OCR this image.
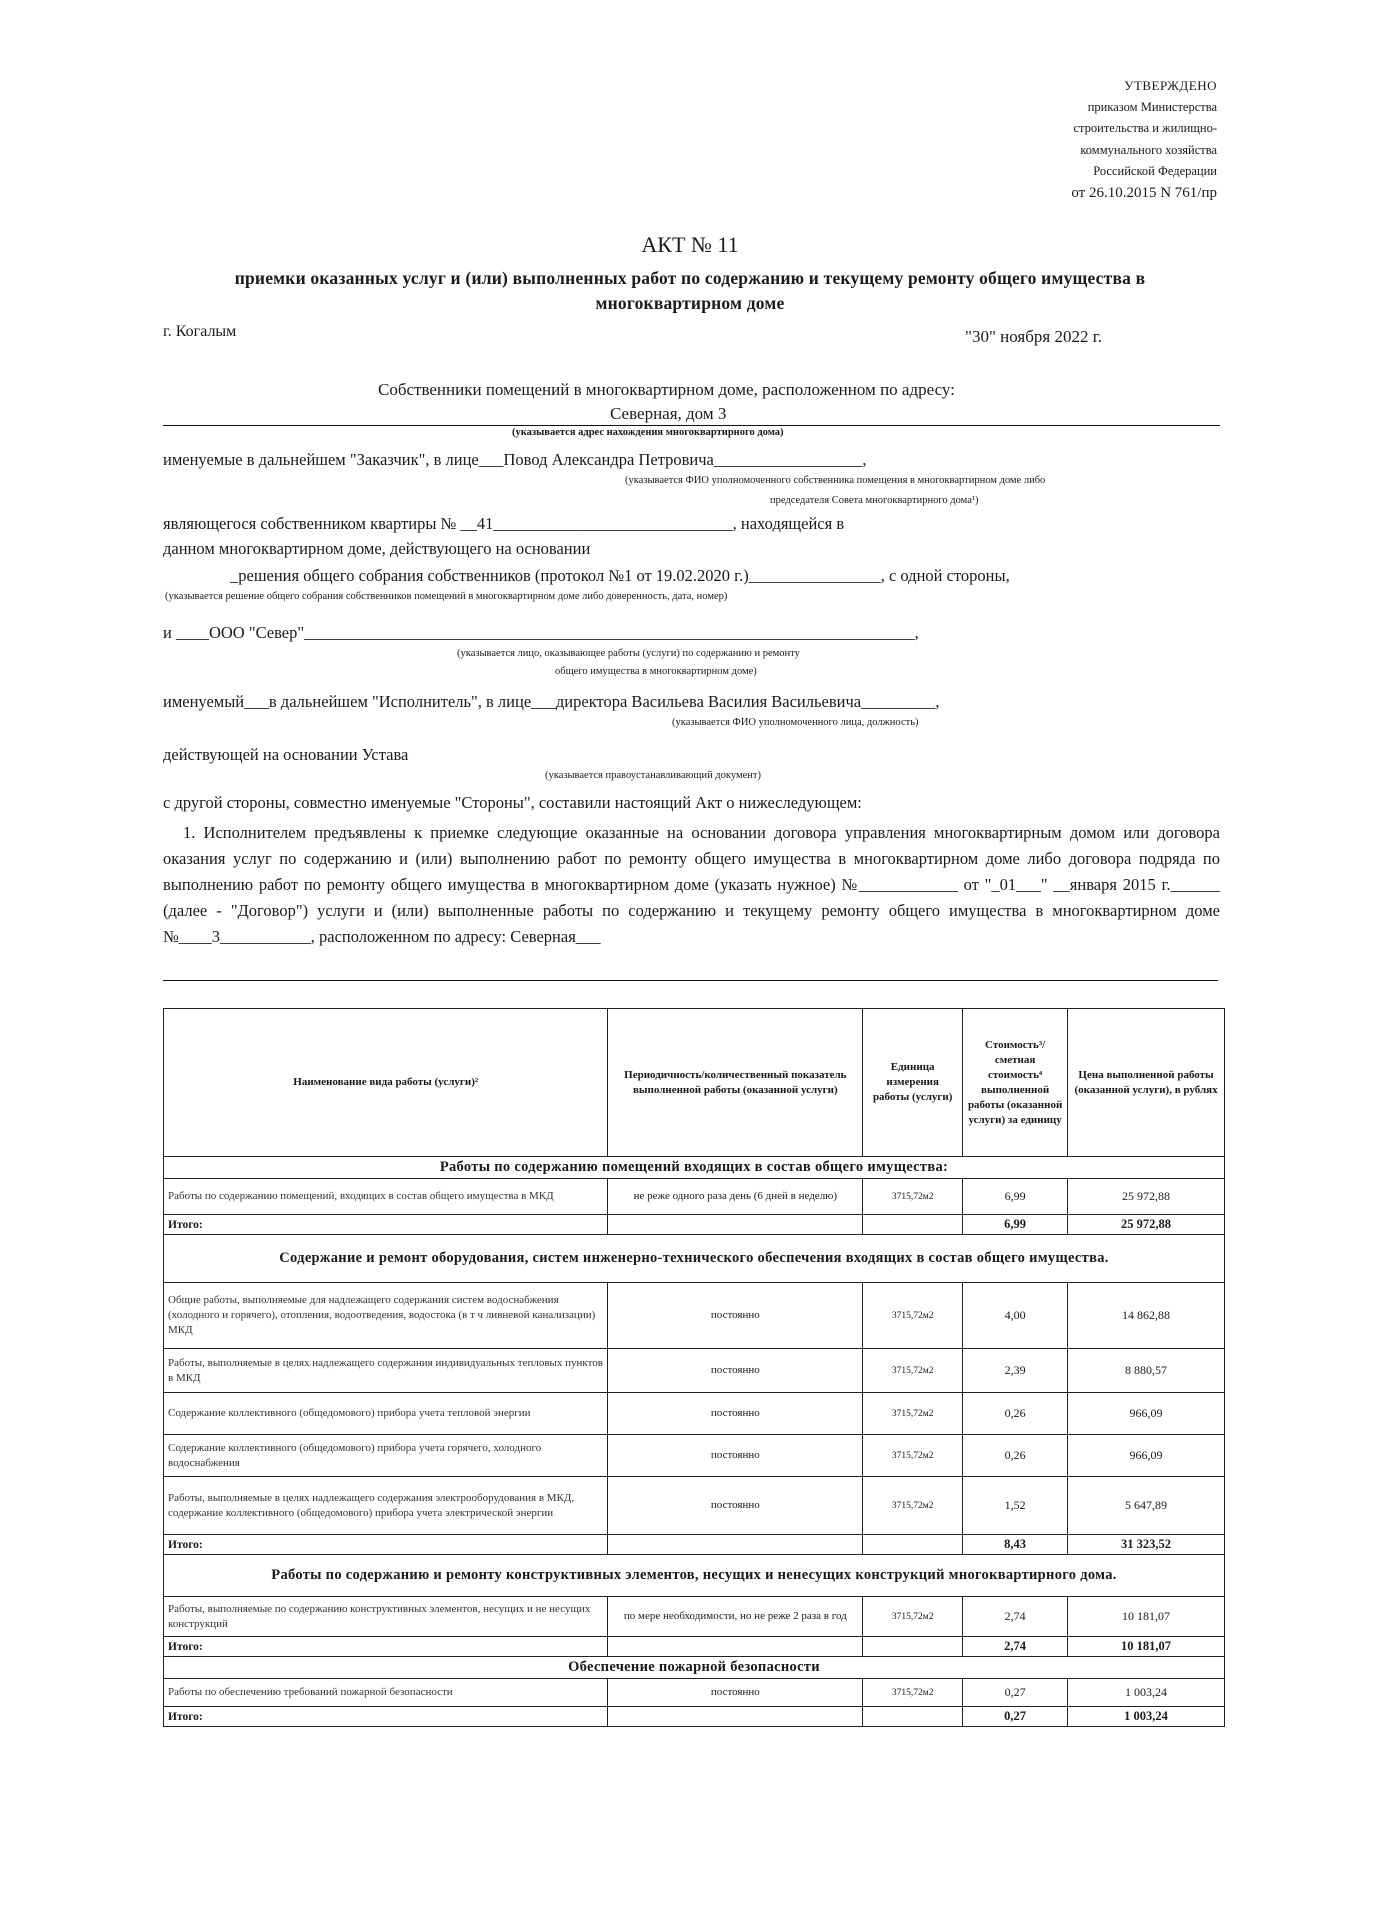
УТВЕРЖДЕНО
приказом Министерства
строительства и жилищно-
коммунального хозяйства
Российской Федерации
от 26.10.2015 N 761/пр
АКТ № 11
приемки оказанных услуг и (или) выполненных работ по содержанию и текущему ремонту общего имущества в многоквартирном доме
г. Когалым	"30" ноября 2022 г.
Собственники помещений в многоквартирном доме, расположенном по адресу:
Северная, дом 3
(указывается адрес нахождения многоквартирного дома)
именуемые в дальнейшем "Заказчик", в лице___Повод Александра Петровича__________________,
(указывается ФИО уполномоченного собственника помещения в многоквартирном доме либо
председателя Совета многоквартирного дома¹)
являющегося собственником квартиры № __41_____________________________, находящейся в
данном многоквартирном доме, действующего на основании
_решения общего собрания собственников (протокол №1 от 19.02.2020 г.)________________, с одной стороны,
(указывается решение общего собрания собственников помещений в многоквартирном доме либо доверенность, дата, номер)
и ____ООО "Север"__________________________________________________________________________,
(указывается лицо, оказывающее работы (услуги) по содержанию и ремонту
общего имущества в многоквартирном доме)
именуемый___в дальнейшем "Исполнитель", в лице___директора Васильева Василия Васильевича_________,
(указывается ФИО уполномоченного лица, должность)
действующей на основании Устава
(указывается правоустанавливающий документ)
с другой стороны, совместно именуемые "Стороны", составили настоящий Акт о нижеследующем:
1. Исполнителем предъявлены к приемке следующие оказанные на основании договора управления многоквартирным домом или договора оказания услуг по содержанию и (или) выполнению работ по ремонту общего имущества в многоквартирном доме либо договора подряда по выполнению работ по ремонту общего имущества в многоквартирном доме (указать нужное) №____________ от "_01___" __января 2015 г.______ (далее - "Договор") услуги и (или) выполненные работы по содержанию и текущему ремонту общего имущества в многоквартирном доме №____3___________, расположенном по адресу: Северная___
Наименование вида работы (услуги)²	Периодичность/количественный показатель выполненной работы (оказанной услуги)	Единица измерения работы (услуги)	Стоимость³/сметная стоимость⁴ выполненной работы (оказанной услуги) за единицу	Цена выполненной работы (оказанной услуги), в рублях
Работы по содержанию помещений входящих в состав общего имущества:				
Работы по содержанию помещений, входящих в состав общего имущества в МКД	не реже одного раза день (6 дней в неделю)	3715,72м2	6,99	25 972,88
Итого:			6,99	25 972,88
Содержание и ремонт оборудования, систем инженерно-технического обеспечения входящих в состав общего имущества.				
Общие работы, выполняемые для надлежащего содержания систем водоснабжения (холодного и горячего), отопления, водоотведения, водостока (в т ч ливневой канализации) МКД	постоянно	3715,72м2	4,00	14 862,88
Работы, выполняемые в целях надлежащего содержания индивидуальных тепловых пунктов в МКД	постоянно	3715,72м2	2,39	8 880,57
Содержание коллективного (общедомового) прибора учета тепловой энергии	постоянно	3715,72м2	0,26	966,09
Содержание коллективного (общедомового) прибора учета горячего, холодного водоснабжения	постоянно	3715,72м2	0,26	966,09
Работы, выполняемые в целях надлежащего содержания электрооборудования в МКД, содержание коллективного (общедомового) прибора учета электрической энергии	постоянно	3715,72м2	1,52	5 647,89
Итого:			8,43	31 323,52
Работы по содержанию и ремонту конструктивных элементов, несущих и ненесущих конструкций многоквартирного дома.				
Работы, выполняемые по содержанию конструктивных элементов, несущих и не несущих конструкций	по мере необходимости, но не реже 2 раза в год	3715,72м2	2,74	10 181,07
Итого:			2,74	10 181,07
Обеспечение пожарной безопасности				
Работы по обеспечению требований пожарной безопасности	постоянно	3715,72м2	0,27	1 003,24
Итого:			0,27	1 003,24
